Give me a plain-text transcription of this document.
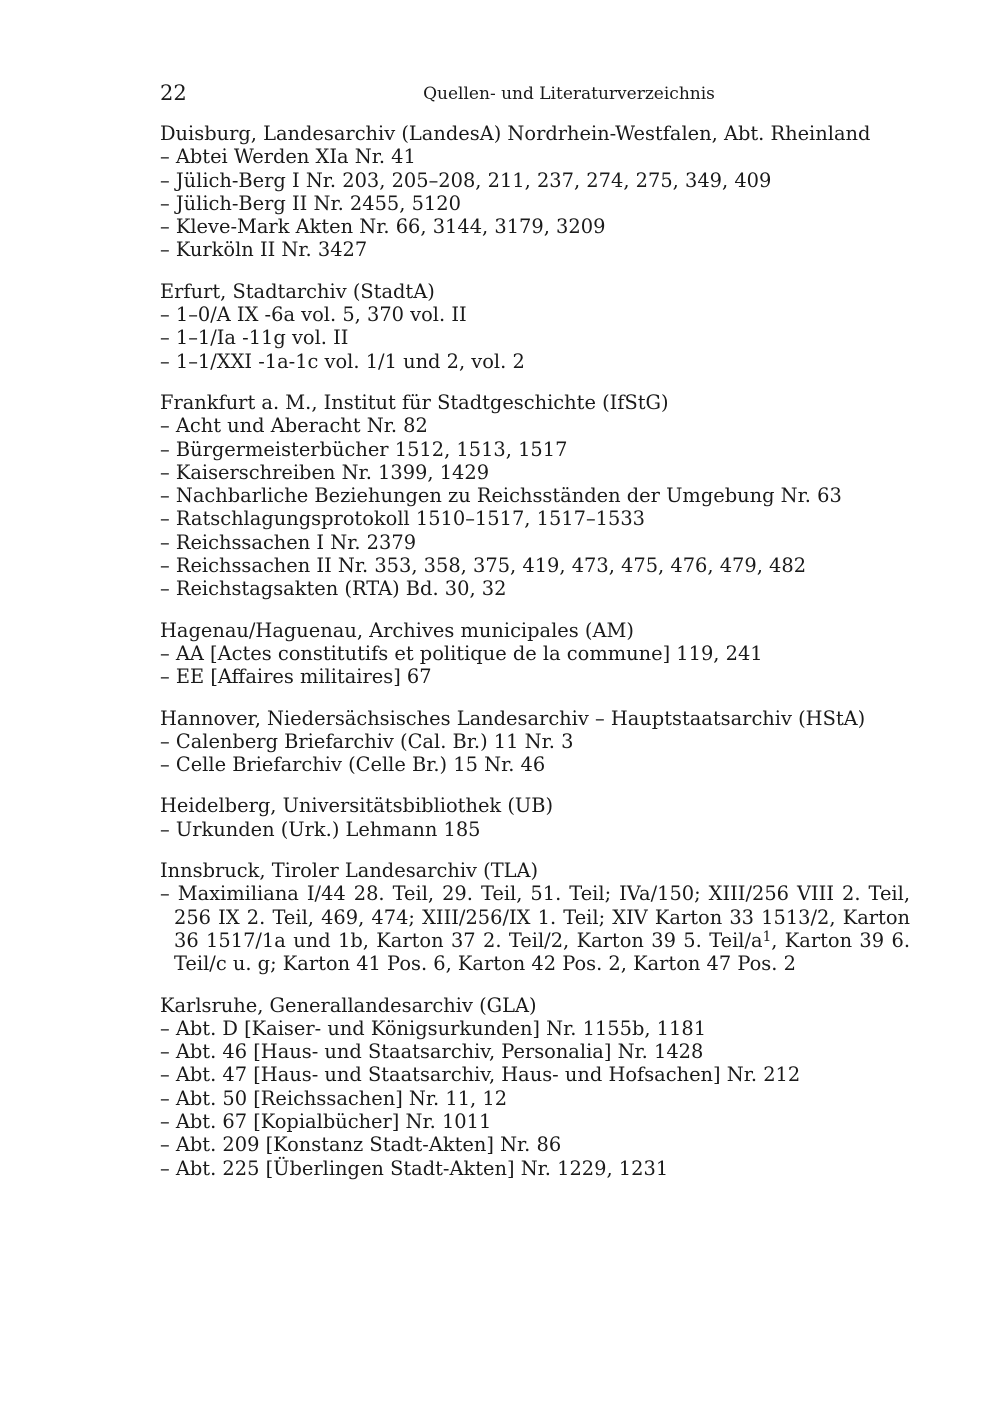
22	Quellen- und Literaturverzeichnis
Duisburg, Landesarchiv (LandesA) Nordrhein-Westfalen, Abt. Rheinland
– Abtei Werden XIa Nr. 41
– Jülich-Berg I Nr. 203, 205–208, 211, 237, 274, 275, 349, 409
– Jülich-Berg II Nr. 2455, 5120
– Kleve-Mark Akten Nr. 66, 3144, 3179, 3209
– Kurköln II Nr. 3427
Erfurt, Stadtarchiv (StadtA)
– 1–0/A IX -6a vol. 5, 370 vol. II
– 1–1/Ia -11g vol. II
– 1–1/XXI -1a-1c vol. 1/1 und 2, vol. 2
Frankfurt a. M., Institut für Stadtgeschichte (IfStG)
– Acht und Aberacht Nr. 82
– Bürgermeisterbücher 1512, 1513, 1517
– Kaiserschreiben Nr. 1399, 1429
– Nachbarliche Beziehungen zu Reichsständen der Umgebung Nr. 63
– Ratschlagungsprotokoll 1510–1517, 1517–1533
– Reichssachen I Nr. 2379
– Reichssachen II Nr. 353, 358, 375, 419, 473, 475, 476, 479, 482
– Reichstagsakten (RTA) Bd. 30, 32
Hagenau/Haguenau, Archives municipales (AM)
– AA [Actes constitutifs et politique de la commune] 119, 241
– EE [Affaires militaires] 67
Hannover, Niedersächsisches Landesarchiv – Hauptstaatsarchiv (HStA)
– Calenberg Briefarchiv (Cal. Br.) 11 Nr. 3
– Celle Briefarchiv (Celle Br.) 15 Nr. 46
Heidelberg, Universitätsbibliothek (UB)
– Urkunden (Urk.) Lehmann 185
Innsbruck, Tiroler Landesarchiv (TLA)
– Maximiliana I/44 28. Teil, 29. Teil, 51. Teil; IVa/150; XIII/256 VIII 2. Teil, 256 IX 2. Teil, 469, 474; XIII/256/IX 1. Teil; XIV Karton 33 1513/2, Karton 36 1517/1a und 1b, Karton 37 2. Teil/2, Karton 39 5. Teil/a$^1$, Karton 39 6. Teil/c u. g; Karton 41 Pos. 6, Karton 42 Pos. 2, Karton 47 Pos. 2
Karlsruhe, Generallandesarchiv (GLA)
– Abt. D [Kaiser- und Königsurkunden] Nr. 1155b, 1181
– Abt. 46 [Haus- und Staatsarchiv, Personalia] Nr. 1428
– Abt. 47 [Haus- und Staatsarchiv, Haus- und Hofsachen] Nr. 212
– Abt. 50 [Reichssachen] Nr. 11, 12
– Abt. 67 [Kopialbücher] Nr. 1011
– Abt. 209 [Konstanz Stadt-Akten] Nr. 86
– Abt. 225 [Überlingen Stadt-Akten] Nr. 1229, 1231
